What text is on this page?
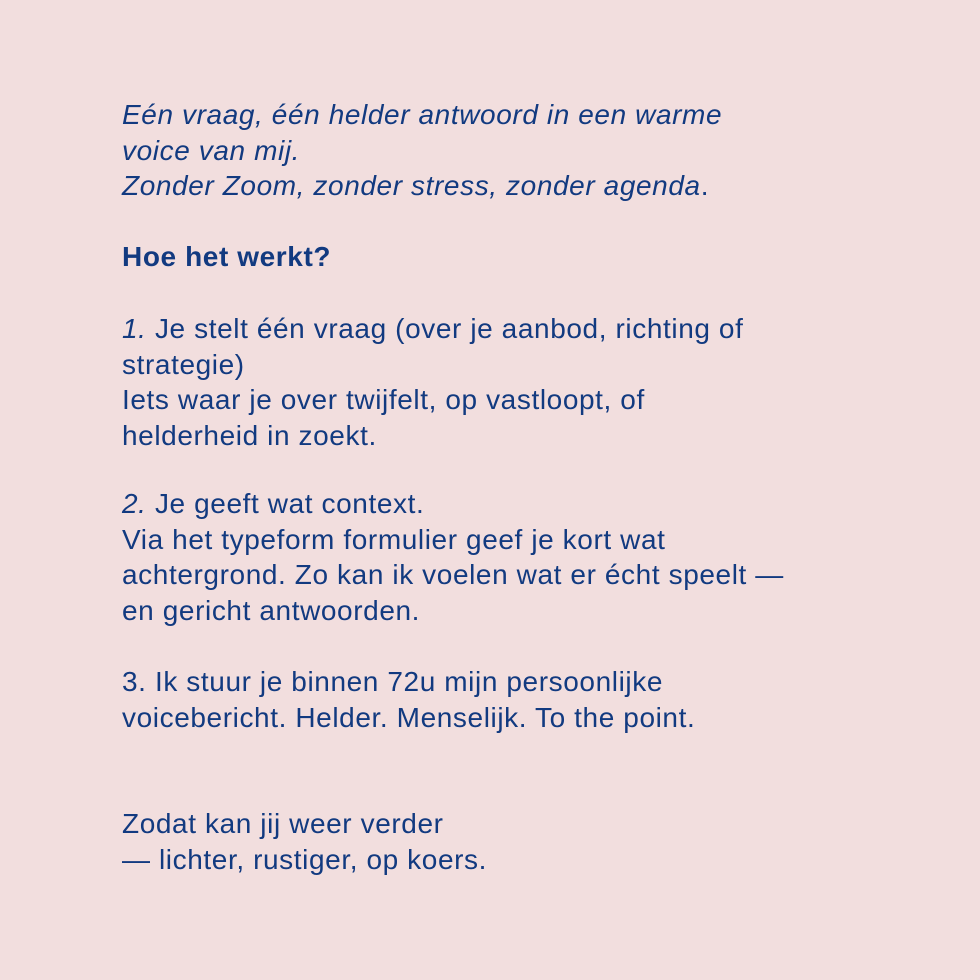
Eén vraag, één helder antwoord in een warme
voice van mij.
Zonder Zoom, zonder stress, zonder agenda.

Hoe het werkt?

1. Je stelt één vraag (over je aanbod, richting of
strategie)
Iets waar je over twijfelt, op vastloopt, of
helderheid in zoekt.

2. Je geeft wat context.
Via het typeform formulier geef je kort wat
achtergrond. Zo kan ik voelen wat er écht speelt —
en gericht antwoorden.

3. Ik stuur je binnen 72u mijn persoonlijke
voicebericht. Helder. Menselijk. To the point.

Zodat kan jij weer verder
— lichter, rustiger, op koers.
